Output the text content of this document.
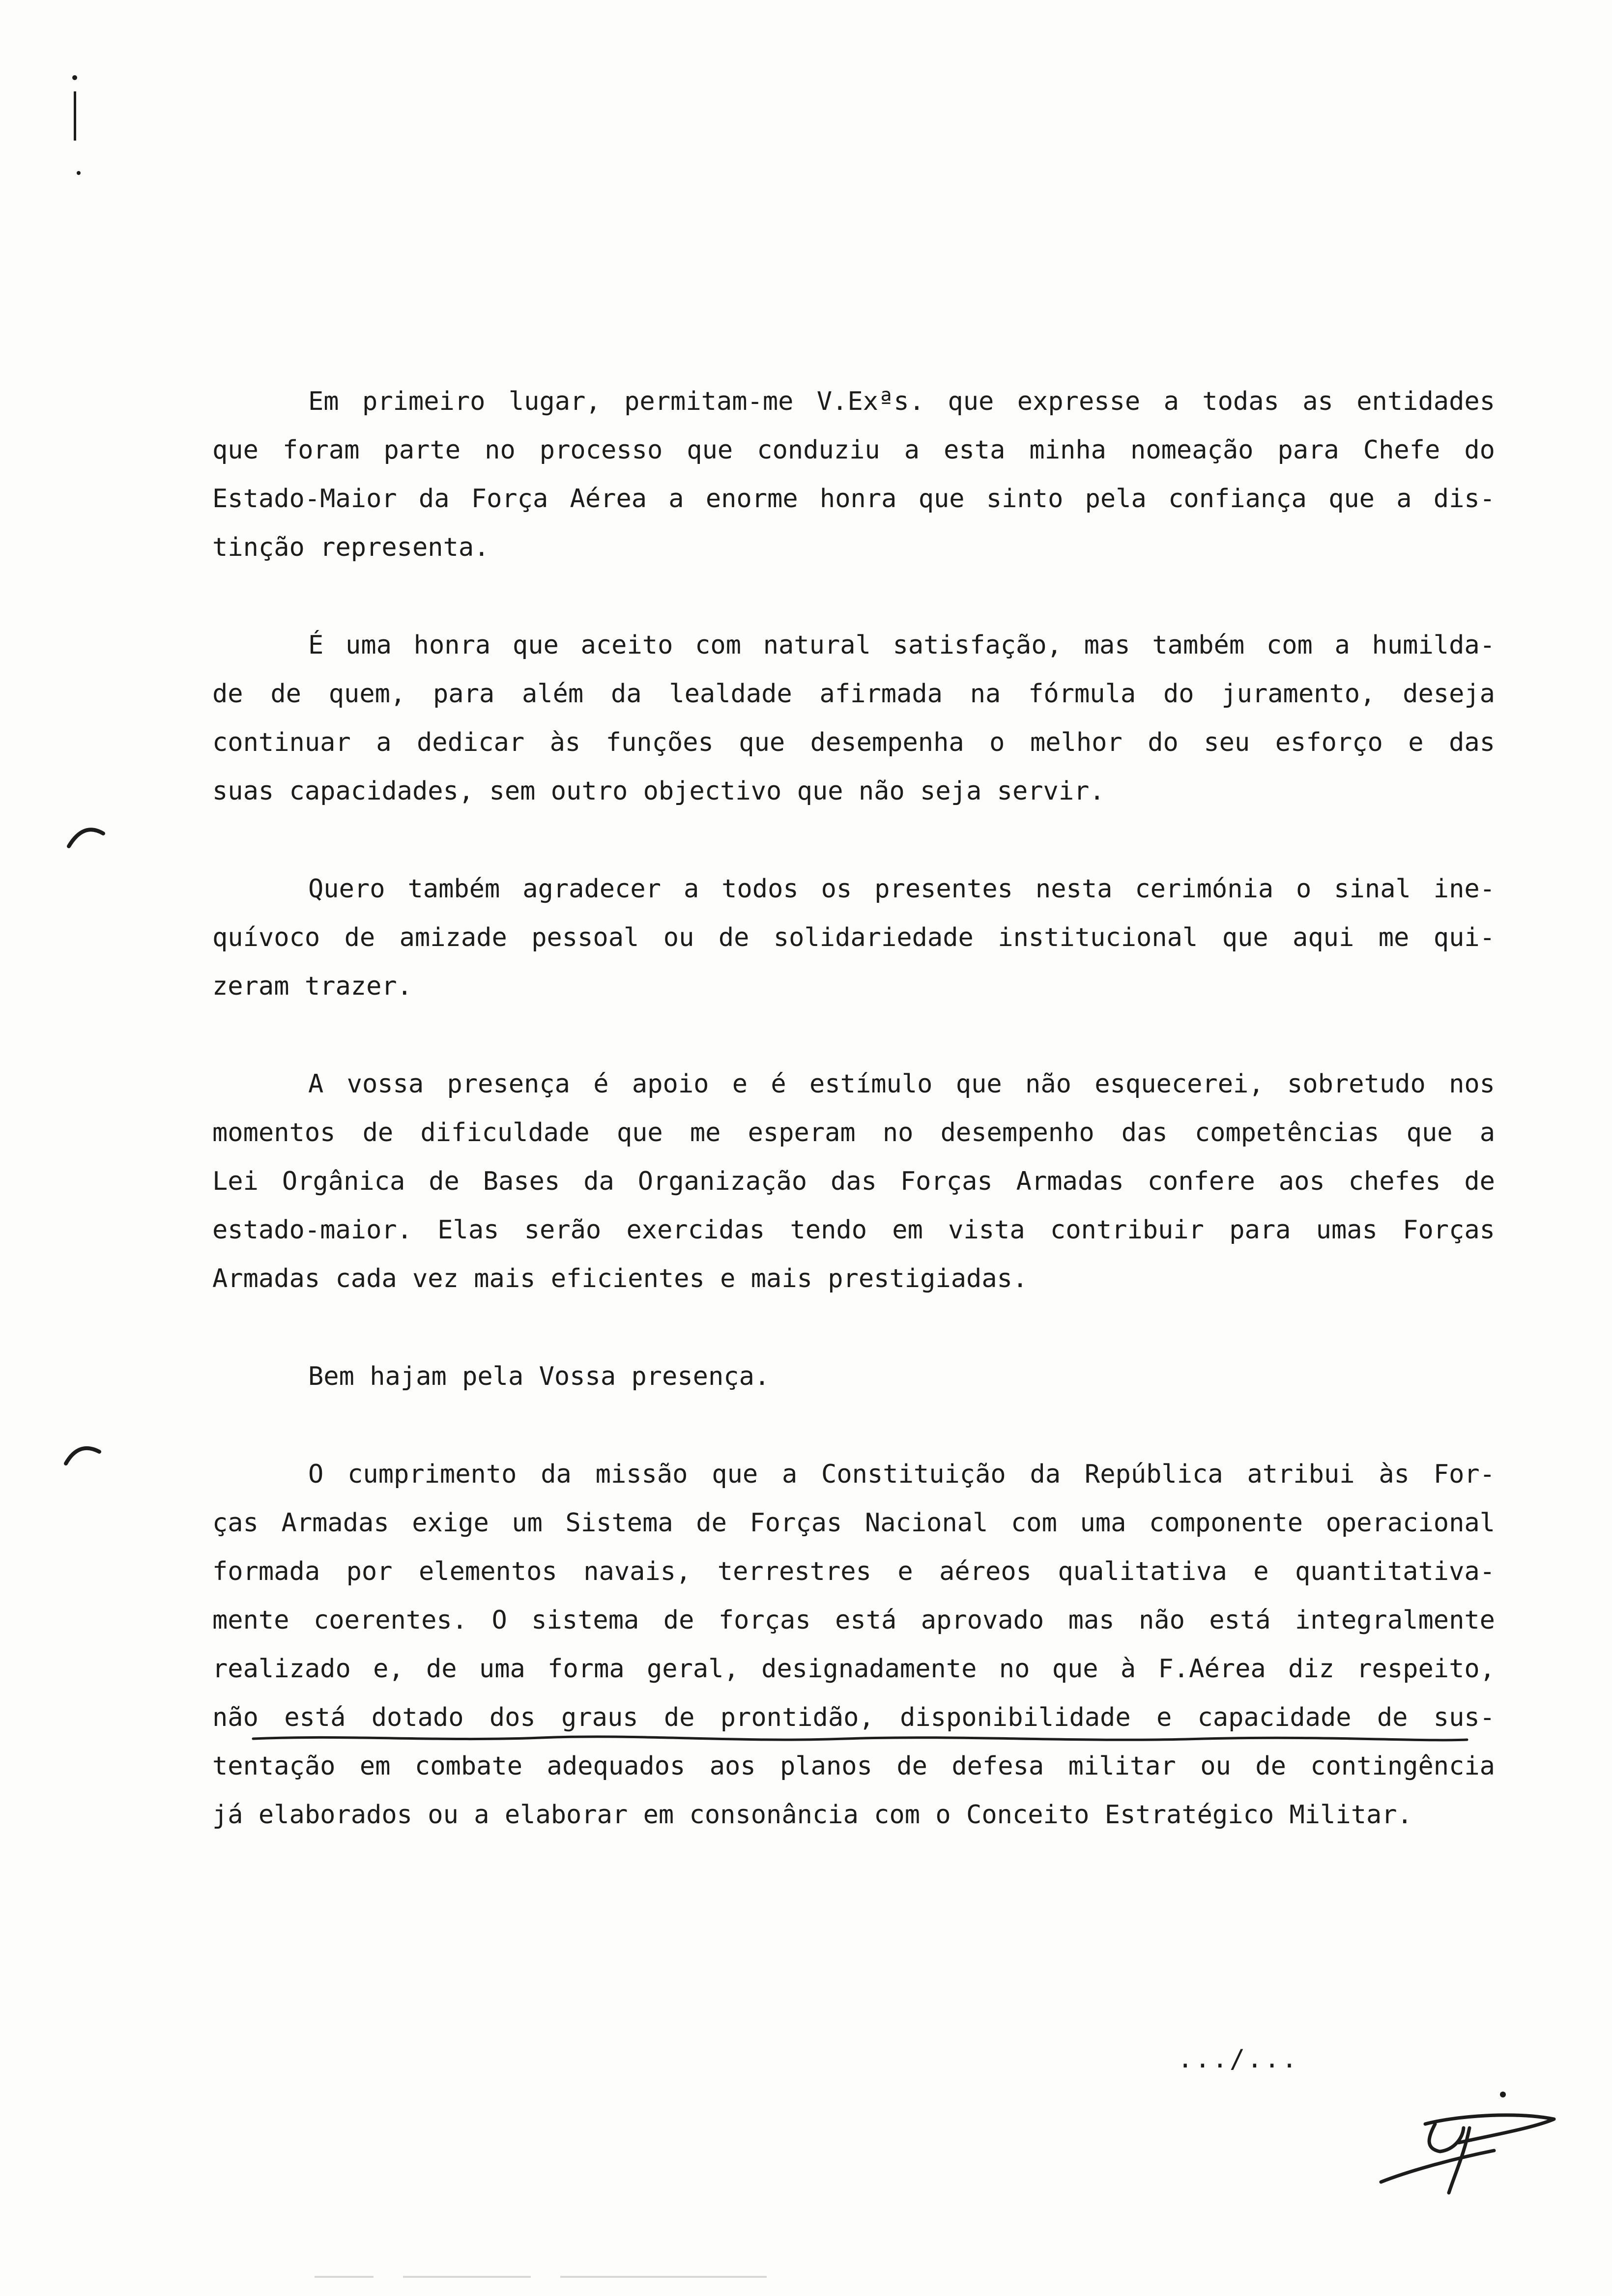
Em primeiro lugar, permitam-me V.Exªs. que expresse a todas as entidades
que foram parte no processo que conduziu a esta minha nomeação para Chefe do
Estado-Maior da Força Aérea a enorme honra que sinto pela confiança que a dis-
tinção representa.
É uma honra que aceito com natural satisfação, mas também com a humilda-
de de quem, para além da lealdade afirmada na fórmula do juramento, deseja
continuar a dedicar às funções que desempenha o melhor do seu esforço e das
suas capacidades, sem outro objectivo que não seja servir.
Quero também agradecer a todos os presentes nesta cerimónia o sinal ine-
quívoco de amizade pessoal ou de solidariedade institucional que aqui me qui-
zeram trazer.
A vossa presença é apoio e é estímulo que não esquecerei, sobretudo nos
momentos de dificuldade que me esperam no desempenho das competências que a
Lei Orgânica de Bases da Organização das Forças Armadas confere aos chefes de
estado-maior. Elas serão exercidas tendo em vista contribuir para umas Forças
Armadas cada vez mais eficientes e mais prestigiadas.
Bem hajam pela Vossa presença.
O cumprimento da missão que a Constituição da República atribui às For-
ças Armadas exige um Sistema de Forças Nacional com uma componente operacional
formada por elementos navais, terrestres e aéreos qualitativa e quantitativa-
mente coerentes. O sistema de forças está aprovado mas não está integralmente
realizado e, de uma forma geral, designadamente no que à F.Aérea diz respeito,
não está dotado dos graus de prontidão, disponibilidade e capacidade de sus-
tentação em combate adequados aos planos de defesa militar ou de contingência
já elaborados ou a elaborar em consonância com o Conceito Estratégico Militar.
.../...
